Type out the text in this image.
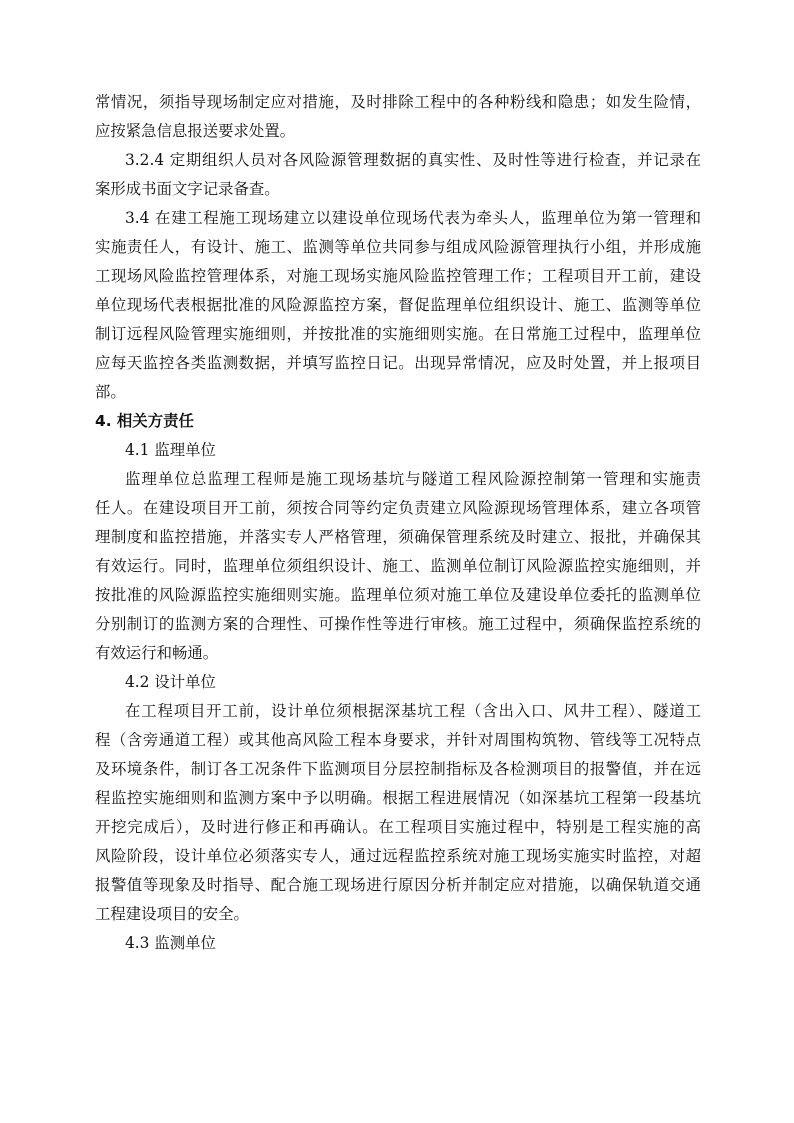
常情况，须指导现场制定应对措施，及时排除工程中的各种粉线和隐患；如发生险情，
应按紧急信息报送要求处置。
3.2.4 定期组织人员对各风险源管理数据的真实性、及时性等进行检查，并记录在
案形成书面文字记录备查。
3.4 在建工程施工现场建立以建设单位现场代表为牵头人，监理单位为第一管理和
实施责任人，有设计、施工、监测等单位共同参与组成风险源管理执行小组，并形成施
工现场风险监控管理体系，对施工现场实施风险监控管理工作；工程项目开工前，建设
单位现场代表根据批准的风险源监控方案，督促监理单位组织设计、施工、监测等单位
制订远程风险管理实施细则，并按批准的实施细则实施。在日常施工过程中，监理单位
应每天监控各类监测数据，并填写监控日记。出现异常情况，应及时处置，并上报项目
部。
4. 相关方责任
4.1 监理单位
监理单位总监理工程师是施工现场基坑与隧道工程风险源控制第一管理和实施责
任人。在建设项目开工前，须按合同等约定负责建立风险源现场管理体系，建立各项管
理制度和监控措施，并落实专人严格管理，须确保管理系统及时建立、报批，并确保其
有效运行。同时，监理单位须组织设计、施工、监测单位制订风险源监控实施细则，并
按批准的风险源监控实施细则实施。监理单位须对施工单位及建设单位委托的监测单位
分别制订的监测方案的合理性、可操作性等进行审核。施工过程中，须确保监控系统的
有效运行和畅通。
4.2 设计单位
在工程项目开工前，设计单位须根据深基坑工程（含出入口、风井工程）、隧道工
程（含旁通道工程）或其他高风险工程本身要求，并针对周围构筑物、管线等工况特点
及环境条件，制订各工况条件下监测项目分层控制指标及各检测项目的报警值，并在远
程监控实施细则和监测方案中予以明确。根据工程进展情况（如深基坑工程第一段基坑
开挖完成后），及时进行修正和再确认。在工程项目实施过程中，特别是工程实施的高
风险阶段，设计单位必须落实专人，通过远程监控系统对施工现场实施实时监控，对超
报警值等现象及时指导、配合施工现场进行原因分析并制定应对措施，以确保轨道交通
工程建设项目的安全。
4.3 监测单位
